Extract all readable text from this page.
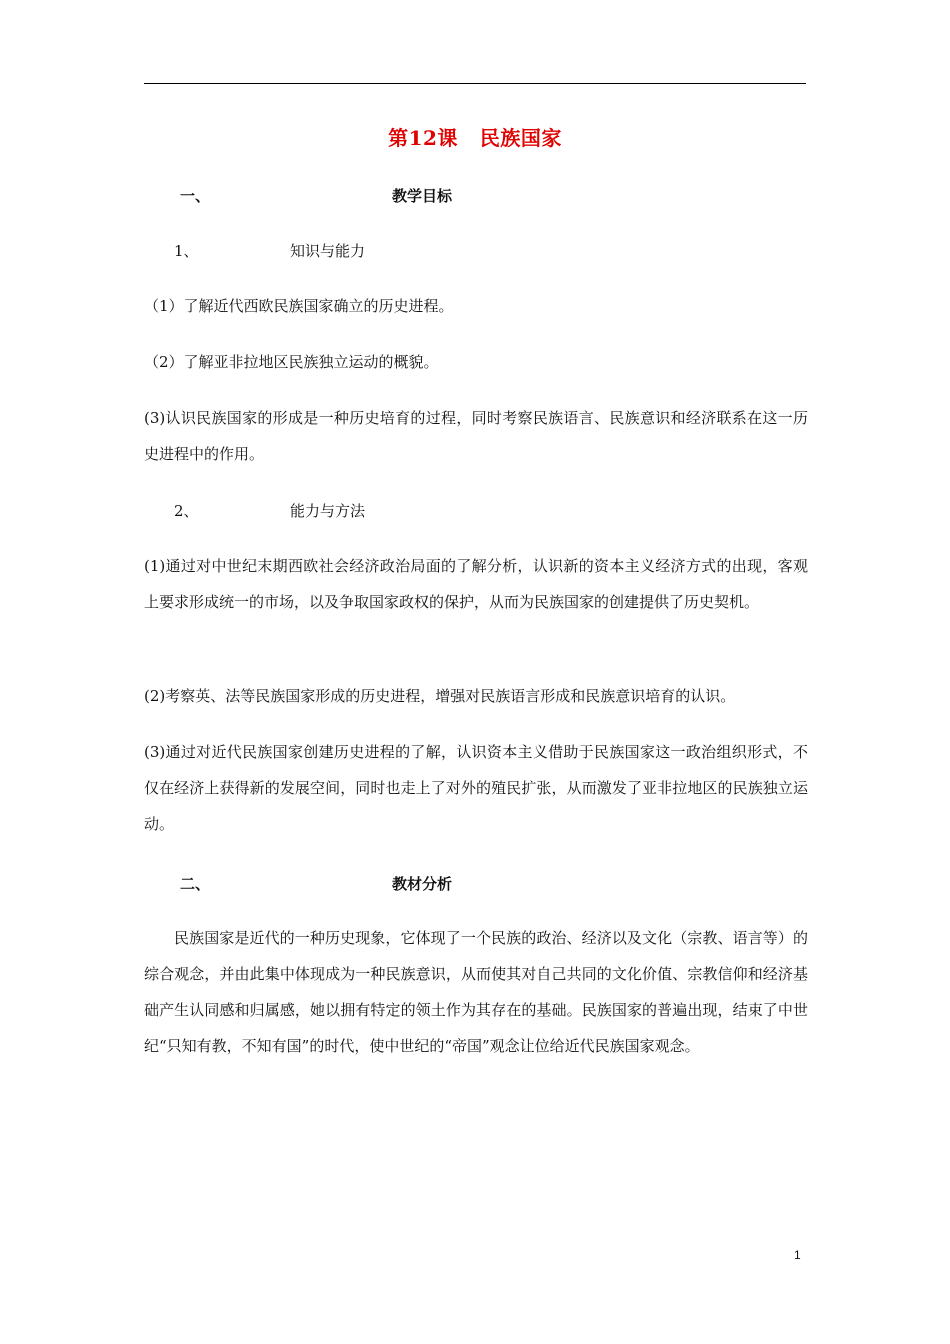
第12课 民族国家
一、	教学目标
1、	知识与能力

（1）了解近代西欧民族国家确立的历史进程。

（2）了解亚非拉地区民族独立运动的概貌。

(3)认识民族国家的形成是一种历史培育的过程，同时考察民族语言、民族意识和经济联系在这一历史进程中的作用。

2、	能力与方法

(1)通过对中世纪末期西欧社会经济政治局面的了解分析，认识新的资本主义经济方式的出现，客观上要求形成统一的市场，以及争取国家政权的保护，从而为民族国家的创建提供了历史契机。

(2)考察英、法等民族国家形成的历史进程，增强对民族语言形成和民族意识培育的认识。

(3)通过对近代民族国家创建历史进程的了解，认识资本主义借助于民族国家这一政治组织形式，不仅在经济上获得新的发展空间，同时也走上了对外的殖民扩张，从而激发了亚非拉地区的民族独立运动。

二、	教材分析

民族国家是近代的一种历史现象，它体现了一个民族的政治、经济以及文化（宗教、语言等）的综合观念，并由此集中体现成为一种民族意识，从而使其对自己共同的文化价值、宗教信仰和经济基础产生认同感和归属感，她以拥有特定的领土作为其存在的基础。民族国家的普遍出现，结束了中世纪“只知有教，不知有国”的时代，使中世纪的“帝国”观念让位给近代民族国家观念。

1
